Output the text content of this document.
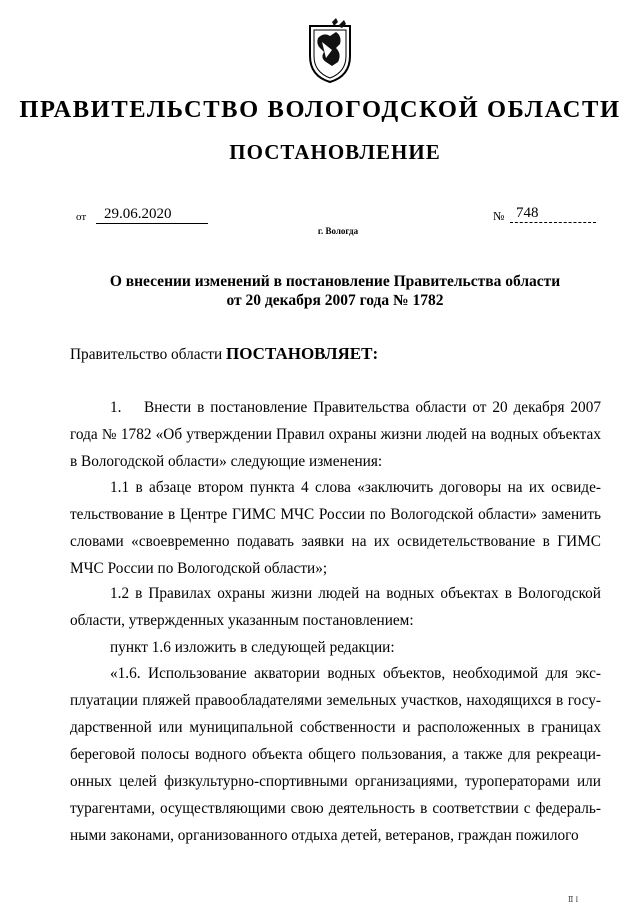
ПРАВИТЕЛЬСТВО ВОЛОГОДСКОЙ ОБЛАСТИ
ПОСТАНОВЛЕНИЕ
от	29.06.2020	№ 748
г. Вологда
О внесении изменений в постановление Правительства области
от 20 декабря 2007 года № 1782
Правительство области ПОСТАНОВЛЯЕТ:
1. Внести в постановление Правительства области от 20 декабря 2007 года № 1782 «Об утверждении Правил охраны жизни людей на водных объектах в Вологодской области» следующие изменения:
1.1 в абзаце втором пункта 4 слова «заключить договоры на их освидетельствование в Центре ГИМС МЧС России по Вологодской области» заменить словами «своевременно подавать заявки на их освидетельствование в ГИМС МЧС России по Вологодской области»;
1.2 в Правилах охраны жизни людей на водных объектах в Вологодской области, утвержденных указанным постановлением:
пункт 1.6 изложить в следующей редакции:
«1.6. Использование акватории водных объектов, необходимой для эксплуатации пляжей правообладателями земельных участков, находящихся в государственной или муниципальной собственности и расположенных в границах береговой полосы водного объекта общего пользования, а также для рекреационных целей физкультурно-спортивными организациями, туроператорами или турагентами, осуществляющими свою деятельность в соответствии с федеральными законами, организованного отдыха детей, ветеранов, граждан пожилого
Ⅱ I
